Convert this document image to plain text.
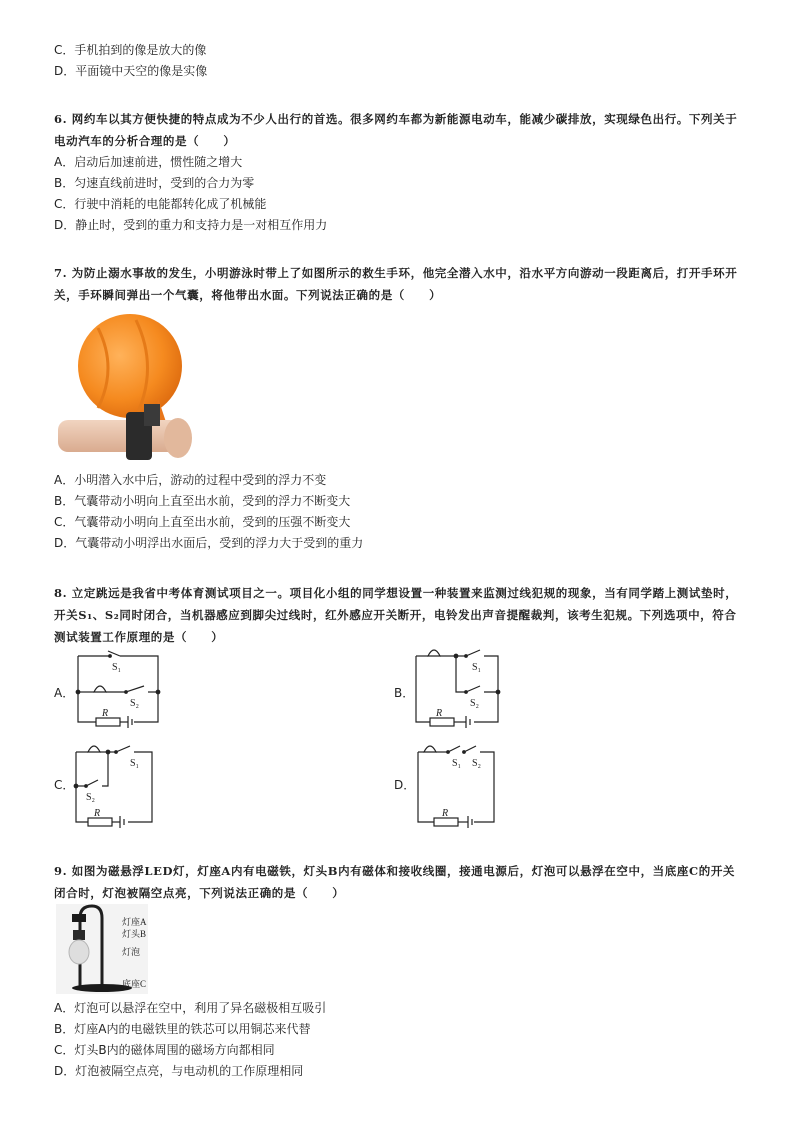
C．手机拍到的像是放大的像
D．平面镜中天空的像是实像
6. 网约车以其方便快捷的特点成为不少人出行的首选。很多网约车都为新能源电动车，能减少碳排放，实现绿色出行。下列关于电动汽车的分析合理的是（　　）
A．启动后加速前进，惯性随之增大
B．匀速直线前进时，受到的合力为零
C．行驶中消耗的电能都转化成了机械能
D．静止时，受到的重力和支持力是一对相互作用力
7. 为防止溺水事故的发生，小明游泳时带上了如图所示的救生手环，他完全潜入水中，沿水平方向游动一段距离后，打开手环开关，手环瞬间弹出一个气囊，将他带出水面。下列说法正确的是（　　）
A．小明潜入水中后，游动的过程中受到的浮力不变
B．气囊带动小明向上直至出水前，受到的浮力不断变大
C．气囊带动小明向上直至出水前，受到的压强不断变大
D．气囊带动小明浮出水面后，受到的浮力大于受到的重力
8. 立定跳远是我省中考体育测试项目之一。项目化小组的同学想设置一种装置来监测过线犯规的现象，当有同学踏上测试垫时，开关S₁、S₂同时闭合，当机器感应到脚尖过线时，红外感应开关断开，电铃发出声音提醒裁判，该考生犯规。下列选项中，符合测试装置工作原理的是（　　）
A．
S₁
S₂
R
B．
S₁
S₂
R
C．
S₁
S₂
R
D．
S₁ S₂
R
9. 如图为磁悬浮LED灯，灯座A内有电磁铁，灯头B内有磁体和接收线圈，接通电源后，灯泡可以悬浮在空中，当底座C的开关闭合时，灯泡被隔空点亮，下列说法正确的是（　　）
灯座A
灯头B
灯泡
底座C
A．灯泡可以悬浮在空中，利用了异名磁极相互吸引
B．灯座A内的电磁铁里的铁芯可以用铜芯来代替
C．灯头B内的磁体周围的磁场方向都相同
D．灯泡被隔空点亮，与电动机的工作原理相同
